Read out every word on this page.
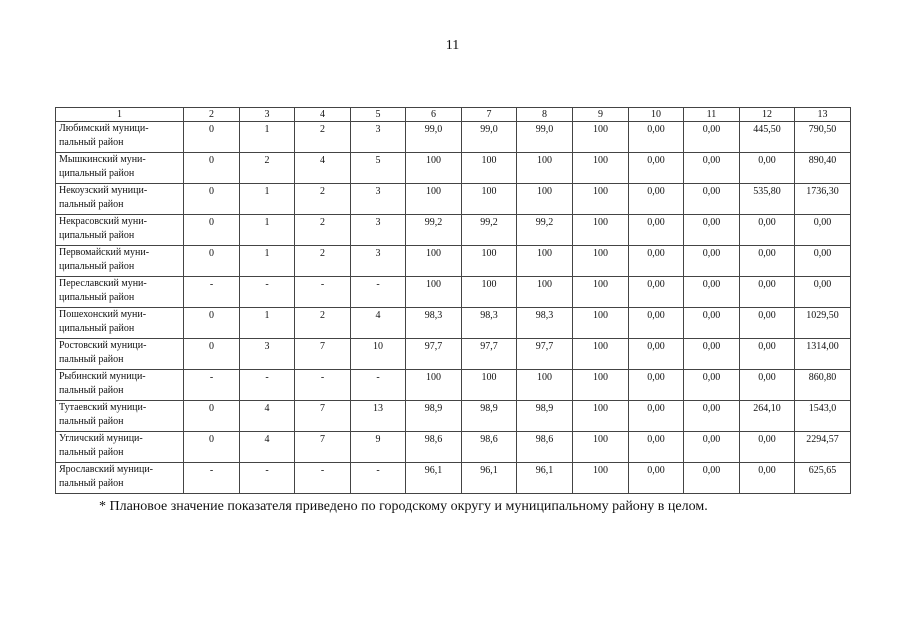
11
1	2	3	4	5	6	7	8	9	10	11	12	13

Любимский муници-
пальный район	0	1	2	3	99,0	99,0	99,0	100	0,00	0,00	445,50	790,50

Мышкинский муни-
ципальный район	0	2	4	5	100	100	100	100	0,00	0,00	0,00	890,40

Некоузский муници-
пальный район	0	1	2	3	100	100	100	100	0,00	0,00	535,80	1736,30

Некрасовский муни-
ципальный район	0	1	2	3	99,2	99,2	99,2	100	0,00	0,00	0,00	0,00

Первомайский муни-
ципальный район	0	1	2	3	100	100	100	100	0,00	0,00	0,00	0,00

Переславский муни-
ципальный район	-	-	-	-	100	100	100	100	0,00	0,00	0,00	0,00

Пошехонский муни-
ципальный район	0	1	2	4	98,3	98,3	98,3	100	0,00	0,00	0,00	1029,50

Ростовский муници-
пальный район	0	3	7	10	97,7	97,7	97,7	100	0,00	0,00	0,00	1314,00

Рыбинский муници-
пальный район	-	-	-	-	100	100	100	100	0,00	0,00	0,00	860,80

Тутаевский муници-
пальный район	0	4	7	13	98,9	98,9	98,9	100	0,00	0,00	264,10	1543,0

Угличский муници-
пальный район	0	4	7	9	98,6	98,6	98,6	100	0,00	0,00	0,00	2294,57

Ярославский муници-
пальный район	-	-	-	-	96,1	96,1	96,1	100	0,00	0,00	0,00	625,65
* Плановое значение показателя приведено по городскому округу и муниципальному району в целом.
